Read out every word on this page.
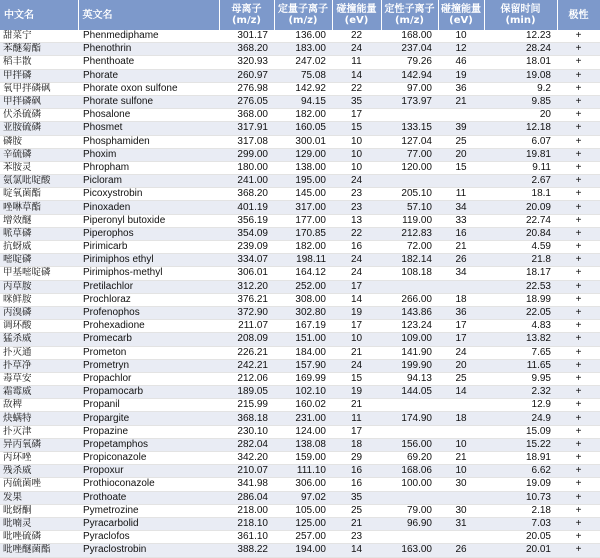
中文名	英文名	母离子 (m/z)	定量子离子 (m/z)	碰撞能量 (eV)	定性子离子 (m/z)	碰撞能量 (eV)	保留时间 (min)	极性
甜菜宁	Phenmediphame	301.17	136.00	22	168.00	10	12.23	+
苯醚菊酯	Phenothrin	368.20	183.00	24	237.04	12	28.24	+
稻丰散	Phenthoate	320.93	247.02	11	79.26	46	18.01	+
甲拌磷	Phorate	260.97	75.08	14	142.94	19	19.08	+
氧甲拌磷砜	Phorate oxon sulfone	276.98	142.92	22	97.00	36	9.2	+
甲拌磷砜	Phorate sulfone	276.05	94.15	35	173.97	21	9.85	+
伏杀硫磷	Phosalone	368.00	182.00	17			20	+
亚胺硫磷	Phosmet	317.91	160.05	15	133.15	39	12.18	+
磷胺	Phosphamiden	317.08	300.01	10	127.04	25	6.07	+
辛硫磷	Phoxim	299.00	129.00	10	77.00	20	19.81	+
苯胺灵	Phropham	180.00	138.00	10	120.00	15	9.11	+
氨氯吡啶酸	Picloram	241.00	195.00	24			2.67	+
啶氧菌酯	Picoxystrobin	368.20	145.00	23	205.10	11	18.1	+
唑啉草酯	Pinoxaden	401.19	317.00	23	57.10	34	20.09	+
增效醚	Piperonyl butoxide	356.19	177.00	13	119.00	33	22.74	+
哌草磷	Piperophos	354.09	170.85	22	212.83	16	20.84	+
抗蚜威	Pirimicarb	239.09	182.00	16	72.00	21	4.59	+
嘧啶磷	Pirimiphos ethyl	334.07	198.11	24	182.14	26	21.8	+
甲基嘧啶磷	Pirimiphos-methyl	306.01	164.12	24	108.18	34	18.17	+
丙草胺	Pretilachlor	312.20	252.00	17			22.53	+
咪鲜胺	Prochloraz	376.21	308.00	14	266.00	18	18.99	+
丙溴磷	Profenophos	372.90	302.80	19	143.86	36	22.05	+
调环酸	Prohexadione	211.07	167.19	17	123.24	17	4.83	+
猛杀威	Promecarb	208.09	151.00	10	109.00	17	13.82	+
扑灭通	Prometon	226.21	184.00	21	141.90	24	7.65	+
扑草净	Prometryn	242.21	157.90	24	199.90	20	11.65	+
毒草安	Propachlor	212.06	169.99	15	94.13	25	9.95	+
霜霉威	Propamocarb	189.05	102.10	19	144.05	14	2.32	+
敌稗	Propanil	215.99	160.02	21			12.9	+
炔螨特	Propargite	368.18	231.00	11	174.90	18	24.9	+
扑灭津	Propazine	230.10	124.00	17			15.09	+
异丙氧磷	Propetamphos	282.04	138.08	18	156.00	10	15.22	+
丙环唑	Propiconazole	342.20	159.00	29	69.20	21	18.91	+
残杀威	Propoxur	210.07	111.10	16	168.06	10	6.62	+
丙硫菌唑	Prothioconazole	341.98	306.00	16	100.00	30	19.09	+
发果	Prothoate	286.04	97.02	35			10.73	+
吡蚜酮	Pymetrozine	218.00	105.00	25	79.00	30	2.18	+
吡喃灵	Pyracarbolid	218.10	125.00	21	96.90	31	7.03	+
吡唑硫磷	Pyraclofos	361.10	257.00	23			20.05	+
吡唑醚菌酯	Pyraclostrobin	388.22	194.00	14	163.00	26	20.01	+
